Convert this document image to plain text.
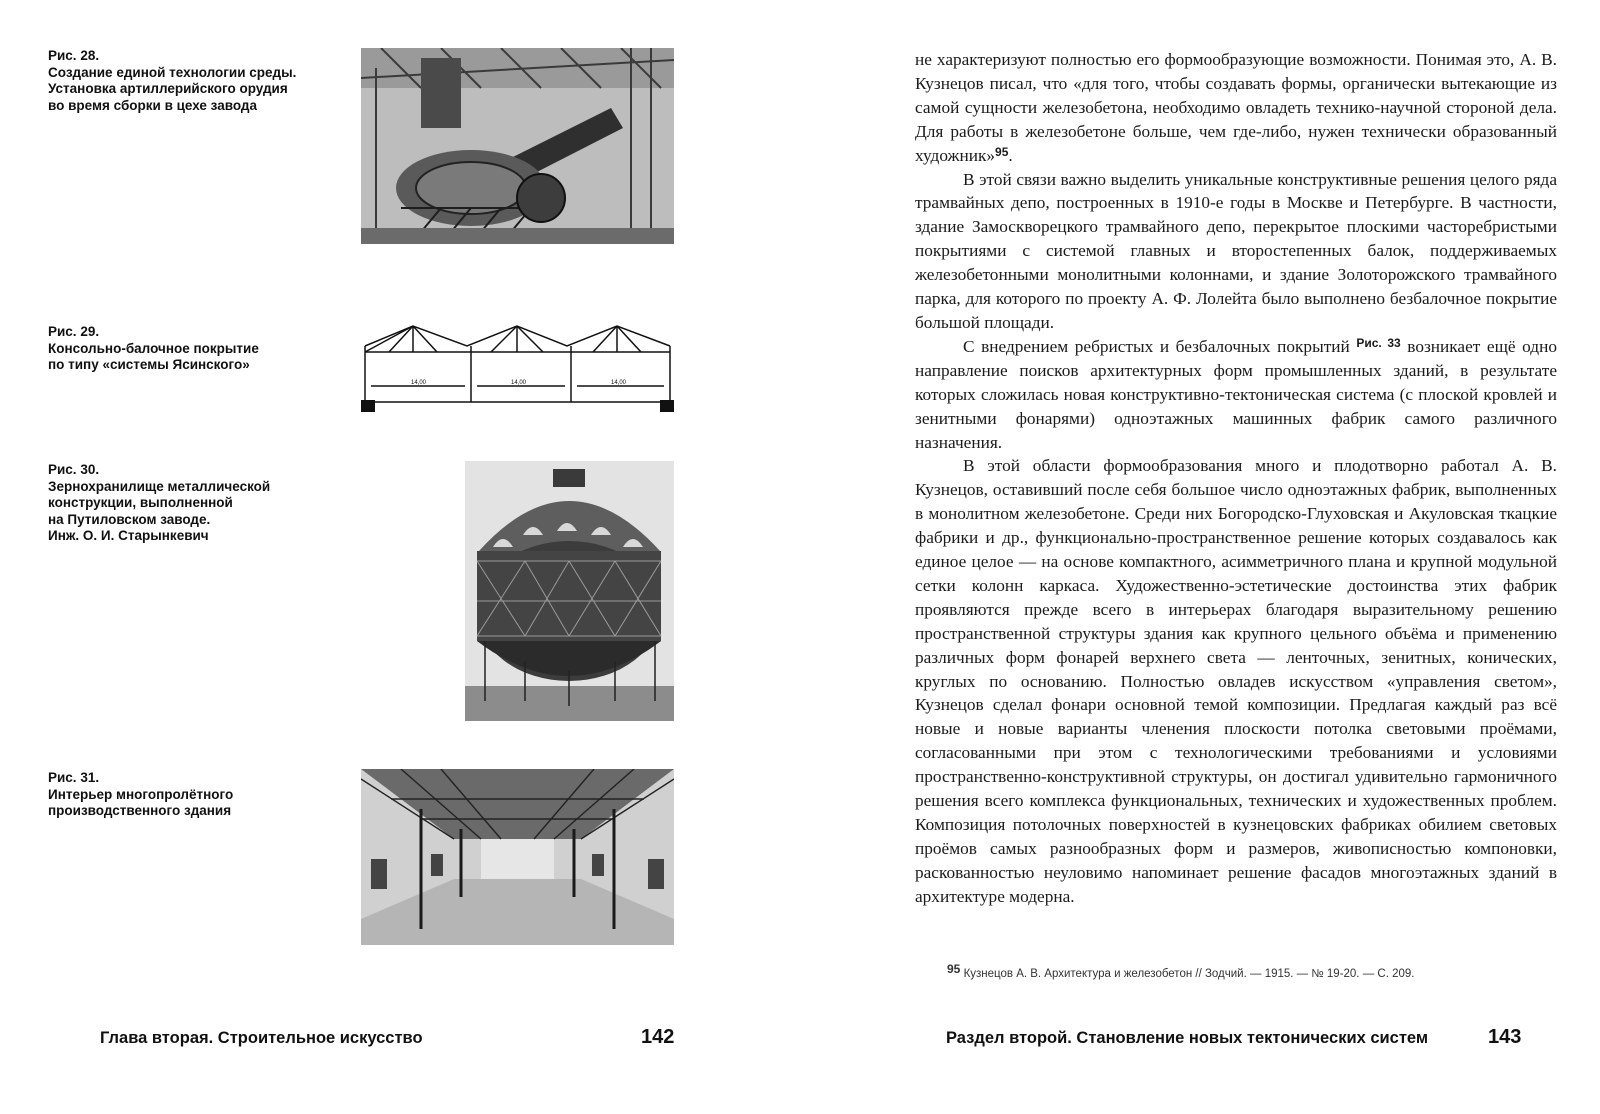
Рис. 28.
Создание единой технологии среды.
Установка артиллерийского орудия
во время сборки в цехе завода
Рис. 29.
Консольно-балочное покрытие
по типу «системы Ясинского»
14,00	14,00	14,00
Рис. 30.
Зернохранилище металлической
конструкции, выполненной
на Путиловском заводе.
Инж. О. И. Старынкевич
Рис. 31.
Интерьер многопролётного
производственного здания
Глава вторая. Строительное искусство	142

не характеризуют полностью его формообразующие возможности. Понимая это, А. В. Кузнецов писал, что «для того, чтобы создавать формы, органически вытекающие из самой сущности железобетона, необходимо овладеть технико-научной стороной дела. Для работы в железобетоне больше, чем где-либо, нужен технически образованный художник»$^{95}$.

В этой связи важно выделить уникальные конструктивные решения целого ряда трамвайных депо, построенных в 1910-е годы в Москве и Петербурге. В частности, здание Замоскворецкого трамвайного депо, перекрытое плоскими часторебристыми покрытиями с системой главных и второстепенных балок, поддерживаемых железобетонными монолитными колоннами, и здание Золоторожского трамвайного парка, для которого по проекту А. Ф. Лолейта было выполнено безбалочное покрытие большой площади.

С внедрением ребристых и безбалочных покрытий $^{Рис. 33}$ возникает ещё одно направление поисков архитектурных форм промышленных зданий, в результате которых сложилась новая конструктивно-тектоническая система (с плоской кровлей и зенитными фонарями) одноэтажных машинных фабрик самого различного назначения.

В этой области формообразования много и плодотворно работал А. В. Кузнецов, оставивший после себя большое число одноэтажных фабрик, выполненных в монолитном железобетоне. Среди них Богородско-Глуховская и Акуловская ткацкие фабрики и др., функционально-пространственное решение которых создавалось как единое целое — на основе компактного, асимметричного плана и крупной модульной сетки колонн каркаса. Художественно-эстетические достоинства этих фабрик проявляются прежде всего в интерьерах благодаря выразительному решению пространственной структуры здания как крупного цельного объёма и применению различных форм фонарей верхнего света — ленточных, зенитных, конических, круглых по основанию. Полностью овладев искусством «управления светом», Кузнецов сделал фонари основной темой композиции. Предлагая каждый раз всё новые и новые варианты членения плоскости потолка световыми проёмами, согласованными при этом с технологическими требованиями и условиями пространственно-конструктивной структуры, он достигал удивительно гармоничного решения всего комплекса функциональных, технических и художественных проблем. Композиция потолочных поверхностей в кузнецовских фабриках обилием световых проёмов самых разнообразных форм и размеров, живописностью компоновки, раскованностью неуловимо напоминает решение фасадов многоэтажных зданий в архитектуре модерна.

95 Кузнецов А. В. Архитектура и железобетон // Зодчий. — 1915. — № 19-20. — С. 209.
Раздел второй. Становление новых тектонических систем	143
